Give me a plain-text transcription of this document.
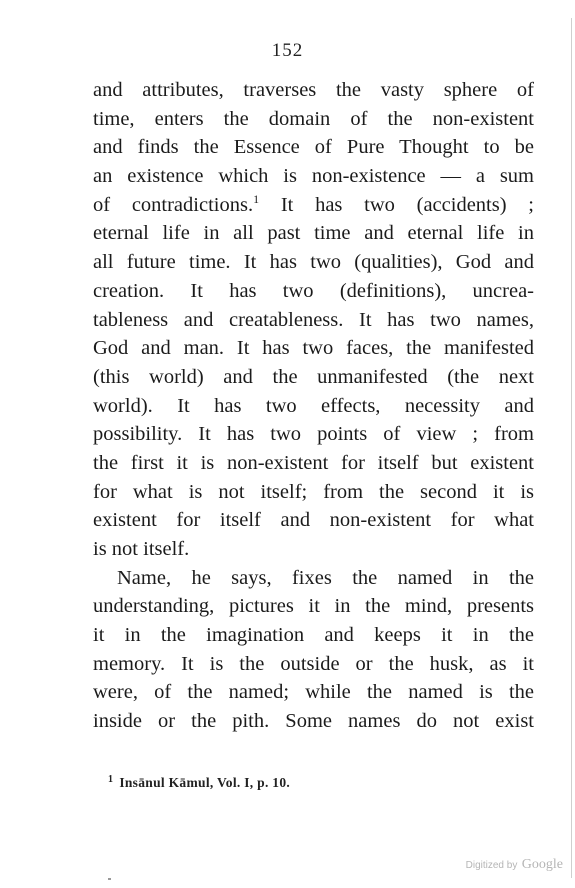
152
and attributes, traverses the vasty sphere of
time, enters the domain of the non-existent
and finds the Essence of Pure Thought to be
an existence which is non-existence — a sum
of contradictions.$^1$ It has two (accidents) ;
eternal life in all past time and eternal life in
all future time. It has two (qualities), God and
creation. It has two (definitions), uncrea-
tableness and creatableness. It has two names,
God and man. It has two faces, the manifested
(this world) and the unmanifested (the next
world). It has two effects, necessity and
possibility. It has two points of view ; from
the first it is non-existent for itself but existent
for what is not itself; from the second it is
existent for itself and non-existent for what
is not itself.
Name, he says, fixes the named in the
understanding, pictures it in the mind, presents
it in the imagination and keeps it in the
memory. It is the outside or the husk, as it
were, of the named; while the named is the
inside or the pith. Some names do not exist
$^1$ Insānul Kāmul, Vol. I, p. 10.
Digitized by Google
